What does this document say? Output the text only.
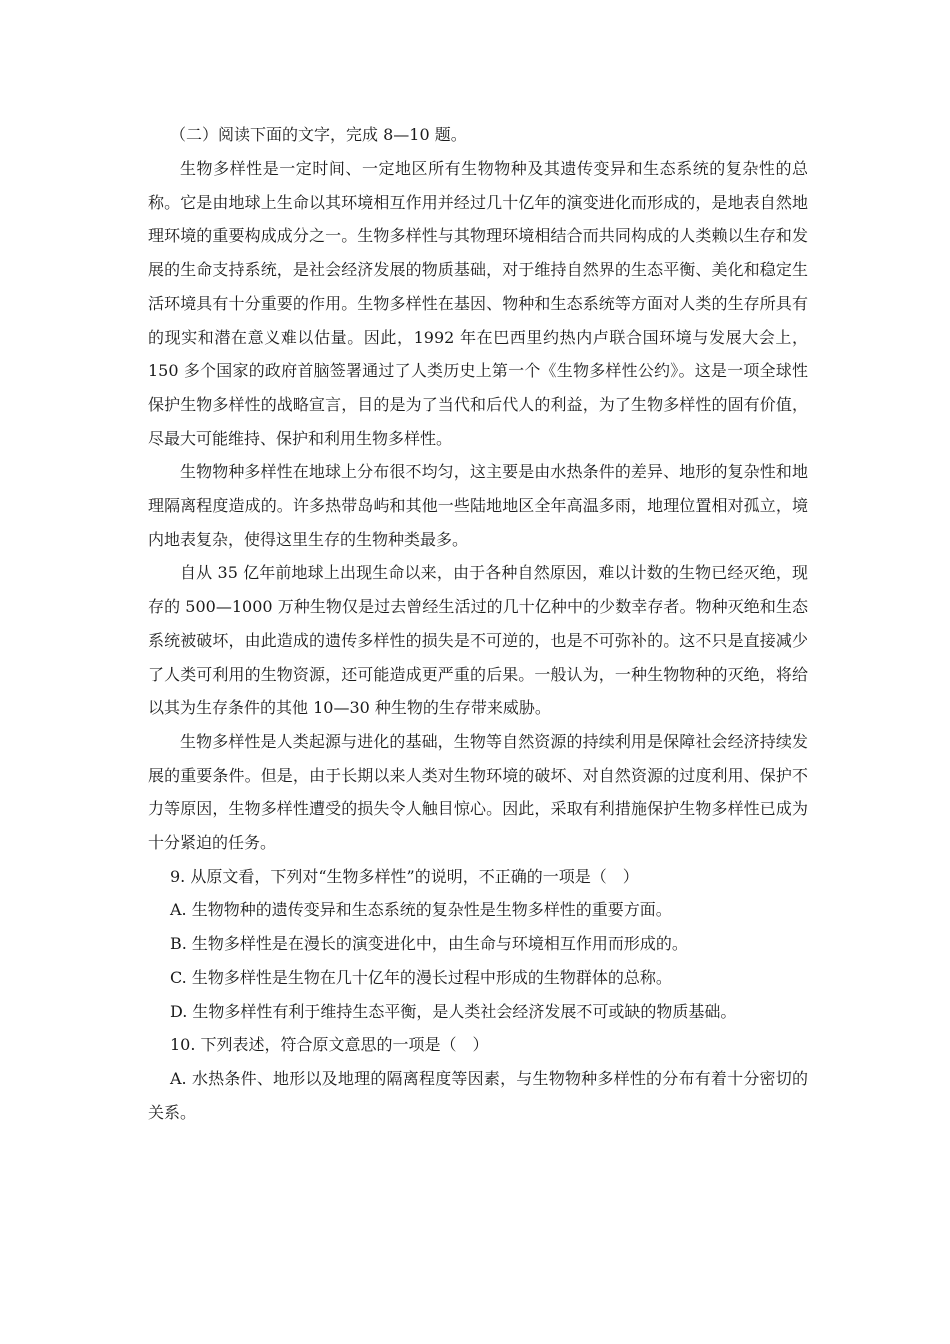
（二）阅读下面的文字，完成 8—10 题。

生物多样性是一定时间、一定地区所有生物物种及其遗传变异和生态系统的复杂性的总称。它是由地球上生命以其环境相互作用并经过几十亿年的演变进化而形成的，是地表自然地理环境的重要构成成分之一。生物多样性与其物理环境相结合而共同构成的人类赖以生存和发展的生命支持系统，是社会经济发展的物质基础，对于维持自然界的生态平衡、美化和稳定生活环境具有十分重要的作用。生物多样性在基因、物种和生态系统等方面对人类的生存所具有的现实和潜在意义难以估量。因此，1992 年在巴西里约热内卢联合国环境与发展大会上，150 多个国家的政府首脑签署通过了人类历史上第一个《生物多样性公约》。这是一项全球性保护生物多样性的战略宣言，目的是为了当代和后代人的利益，为了生物多样性的固有价值，尽最大可能维持、保护和利用生物多样性。

生物物种多样性在地球上分布很不均匀，这主要是由水热条件的差异、地形的复杂性和地理隔离程度造成的。许多热带岛屿和其他一些陆地地区全年高温多雨，地理位置相对孤立，境内地表复杂，使得这里生存的生物种类最多。

自从 35 亿年前地球上出现生命以来，由于各种自然原因，难以计数的生物已经灭绝，现存的 500—1000 万种生物仅是过去曾经生活过的几十亿种中的少数幸存者。物种灭绝和生态系统被破坏，由此造成的遗传多样性的损失是不可逆的，也是不可弥补的。这不只是直接减少了人类可利用的生物资源，还可能造成更严重的后果。一般认为，一种生物物种的灭绝，将给以其为生存条件的其他 10—30 种生物的生存带来威胁。

生物多样性是人类起源与进化的基础，生物等自然资源的持续利用是保障社会经济持续发展的重要条件。但是，由于长期以来人类对生物环境的破坏、对自然资源的过度利用、保护不力等原因，生物多样性遭受的损失令人触目惊心。因此，采取有利措施保护生物多样性已成为十分紧迫的任务。

9. 从原文看，下列对“生物多样性”的说明，不正确的一项是（　）

A. 生物物种的遗传变异和生态系统的复杂性是生物多样性的重要方面。

B. 生物多样性是在漫长的演变进化中，由生命与环境相互作用而形成的。

C. 生物多样性是生物在几十亿年的漫长过程中形成的生物群体的总称。

D. 生物多样性有利于维持生态平衡，是人类社会经济发展不可或缺的物质基础。

10. 下列表述，符合原文意思的一项是（　）

A. 水热条件、地形以及地理的隔离程度等因素，与生物物种多样性的分布有着十分密切的关系。
